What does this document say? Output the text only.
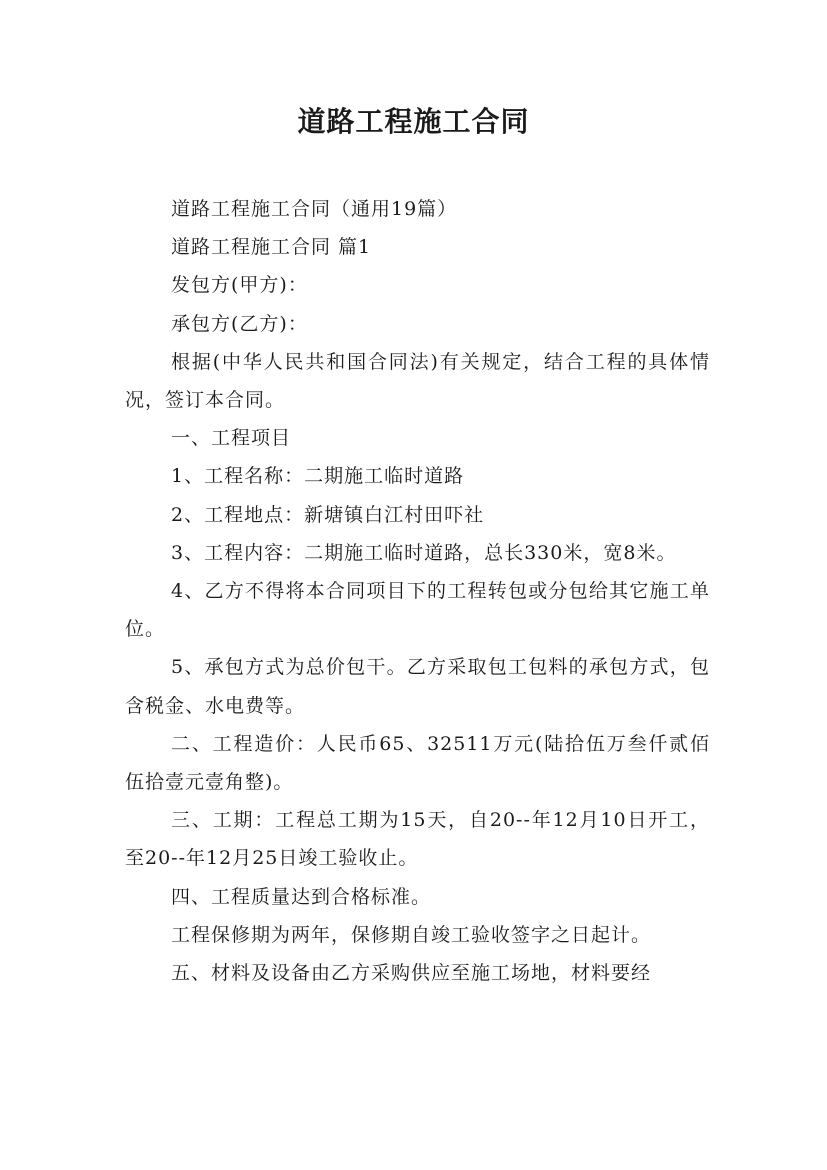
道路工程施工合同

道路工程施工合同（通用19篇）

道路工程施工合同 篇1

发包方(甲方)：

承包方(乙方)：

根据(中华人民共和国合同法)有关规定，结合工程的具体情况，签订本合同。

一、工程项目

1、工程名称：二期施工临时道路

2、工程地点：新塘镇白江村田吓社

3、工程内容：二期施工临时道路，总长330米，宽8米。

4、乙方不得将本合同项目下的工程转包或分包给其它施工单位。

5、承包方式为总价包干。乙方采取包工包料的承包方式，包含税金、水电费等。

二、工程造价：人民币65、32511万元(陆拾伍万叁仟贰佰伍拾壹元壹角整)。

三、工期：工程总工期为15天，自20--年12月10日开工，至20--年12月25日竣工验收止。

四、工程质量达到合格标准。

工程保修期为两年，保修期自竣工验收签字之日起计。

五、材料及设备由乙方采购供应至施工场地，材料要经
